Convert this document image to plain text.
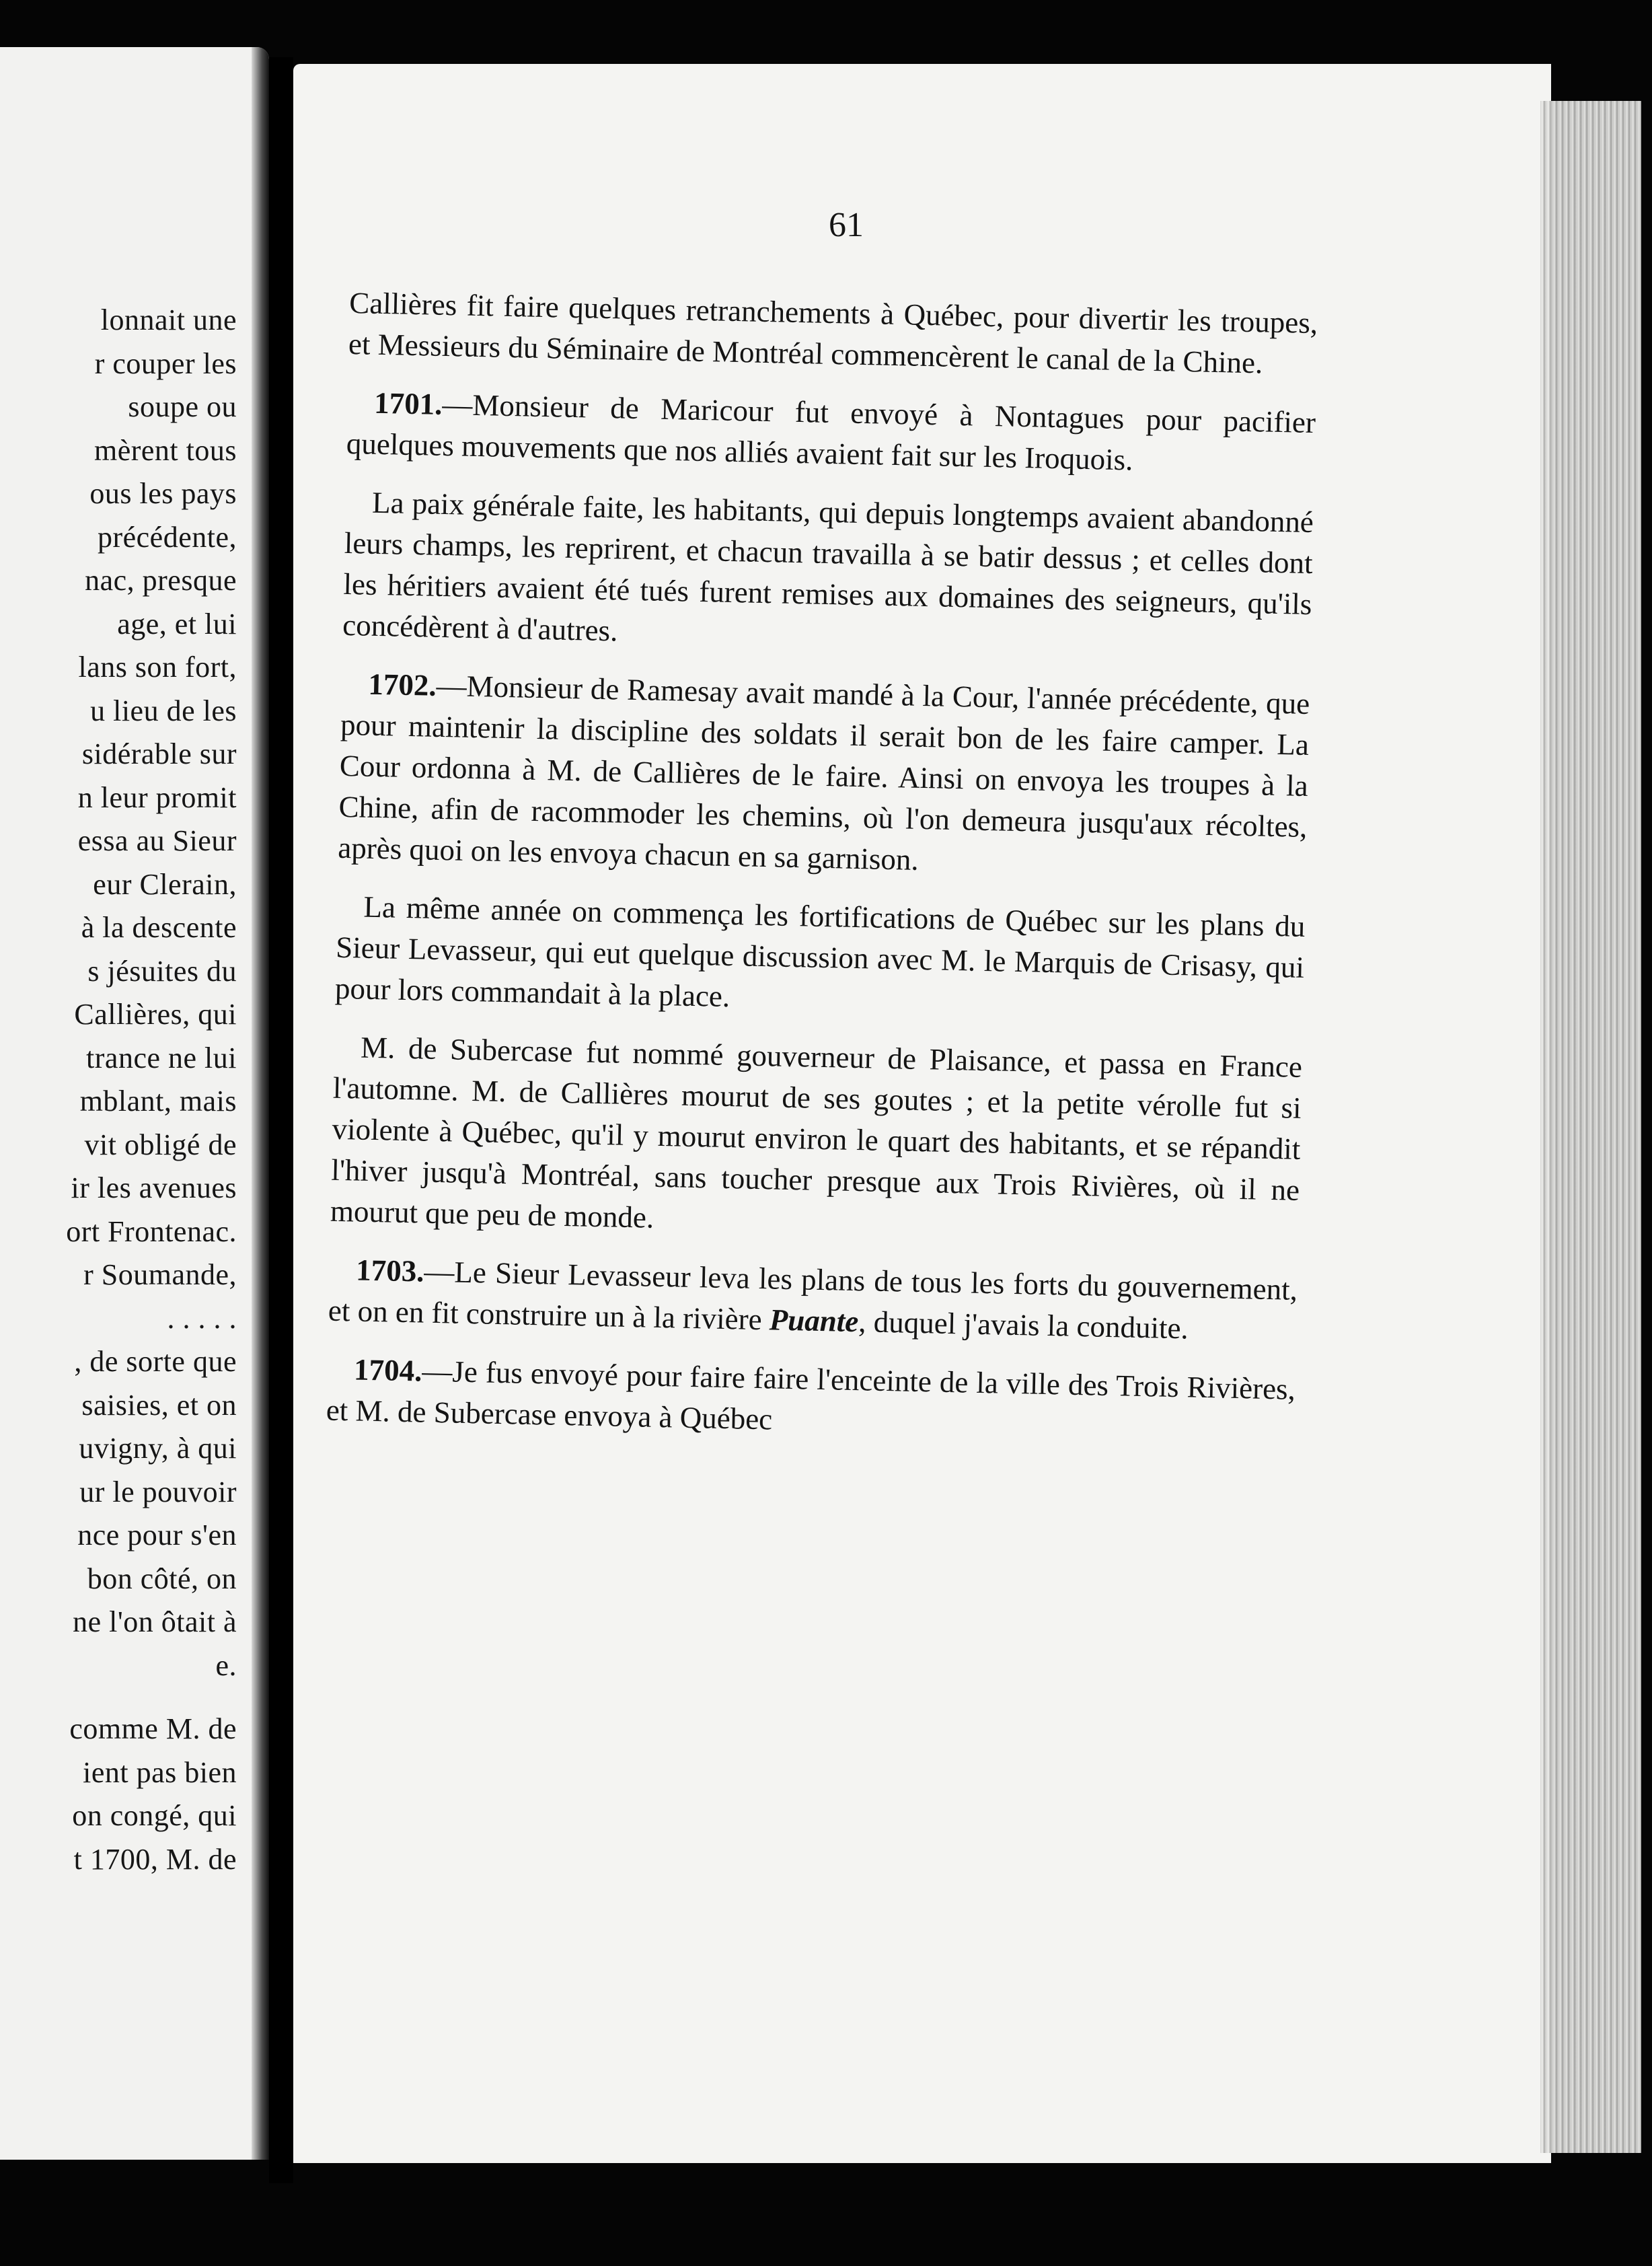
lonnait une
r couper les
soupe ou
mèrent tous
ous les pays
précédente,
nac, presque
age, et lui
lans son fort,
u lieu de les
sidérable sur
n leur promit
essa au Sieur
eur Clerain,
à la descente
s jésuites du
Callières, qui
trance ne lui
mblant, mais
vit obligé de
ir les avenues
ort Frontenac.
r Soumande,
. . . . .
, de sorte que
saisies, et on
uvigny, à qui
ur le pouvoir
nce pour s'en
bon côté, on
ne l'on ôtait à
e.
comme M. de
ient pas bien
on congé, qui
t 1700, M. de
61

Callières fit faire quelques retranchements à Québec, pour divertir les troupes, et Messieurs du Séminaire de Montréal commencèrent le canal de la Chine.

1701.—Monsieur de Maricour fut envoyé à Nontagues pour pacifier quelques mouvements que nos alliés avaient fait sur les Iroquois.

La paix générale faite, les habitants, qui depuis longtemps avaient abandonné leurs champs, les reprirent, et chacun travailla à se batir dessus ; et celles dont les héritiers avaient été tués furent remises aux domaines des seigneurs, qu'ils concédèrent à d'autres.

1702.—Monsieur de Ramesay avait mandé à la Cour, l'année précédente, que pour maintenir la discipline des soldats il serait bon de les faire camper. La Cour ordonna à M. de Callières de le faire. Ainsi on envoya les troupes à la Chine, afin de racommoder les chemins, où l'on demeura jusqu'aux récoltes, après quoi on les envoya chacun en sa garnison.

La même année on commença les fortifications de Québec sur les plans du Sieur Levasseur, qui eut quelque discussion avec M. le Marquis de Crisasy, qui pour lors commandait à la place.

M. de Subercase fut nommé gouverneur de Plaisance, et passa en France l'automne. M. de Callières mourut de ses goutes ; et la petite vérolle fut si violente à Québec, qu'il y mourut environ le quart des habitants, et se répandit l'hiver jusqu'à Montréal, sans toucher presque aux Trois Rivières, où il ne mourut que peu de monde.

1703.—Le Sieur Levasseur leva les plans de tous les forts du gouvernement, et on en fit construire un à la rivière Puante, duquel j'avais la conduite.

1704.—Je fus envoyé pour faire faire l'enceinte de la ville des Trois Rivières, et M. de Subercase envoya à Québec
